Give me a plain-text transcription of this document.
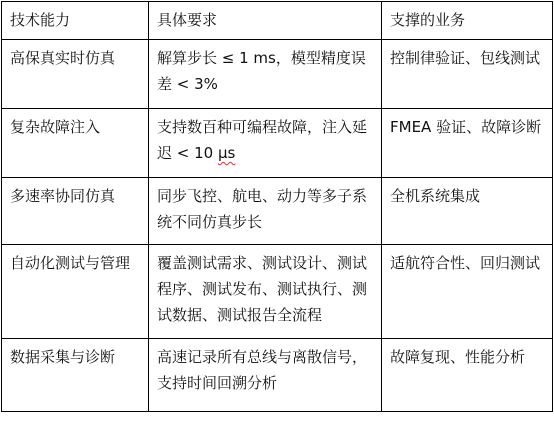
技术能力	具体要求	支撑的业务
高保真实时仿真	解算步长 ≤ 1 ms，模型精度误差 < 3%	控制律验证、包线测试
复杂故障注入	支持数百种可编程故障，注入延迟 < 10 μs	FMEA 验证、故障诊断
多速率协同仿真	同步飞控、航电、动力等多子系统不同仿真步长	全机系统集成
自动化测试与管理	覆盖测试需求、测试设计、测试程序、测试发布、测试执行、测试数据、测试报告全流程	适航符合性、回归测试
数据采集与诊断	高速记录所有总线与离散信号，支持时间回溯分析	故障复现、性能分析
